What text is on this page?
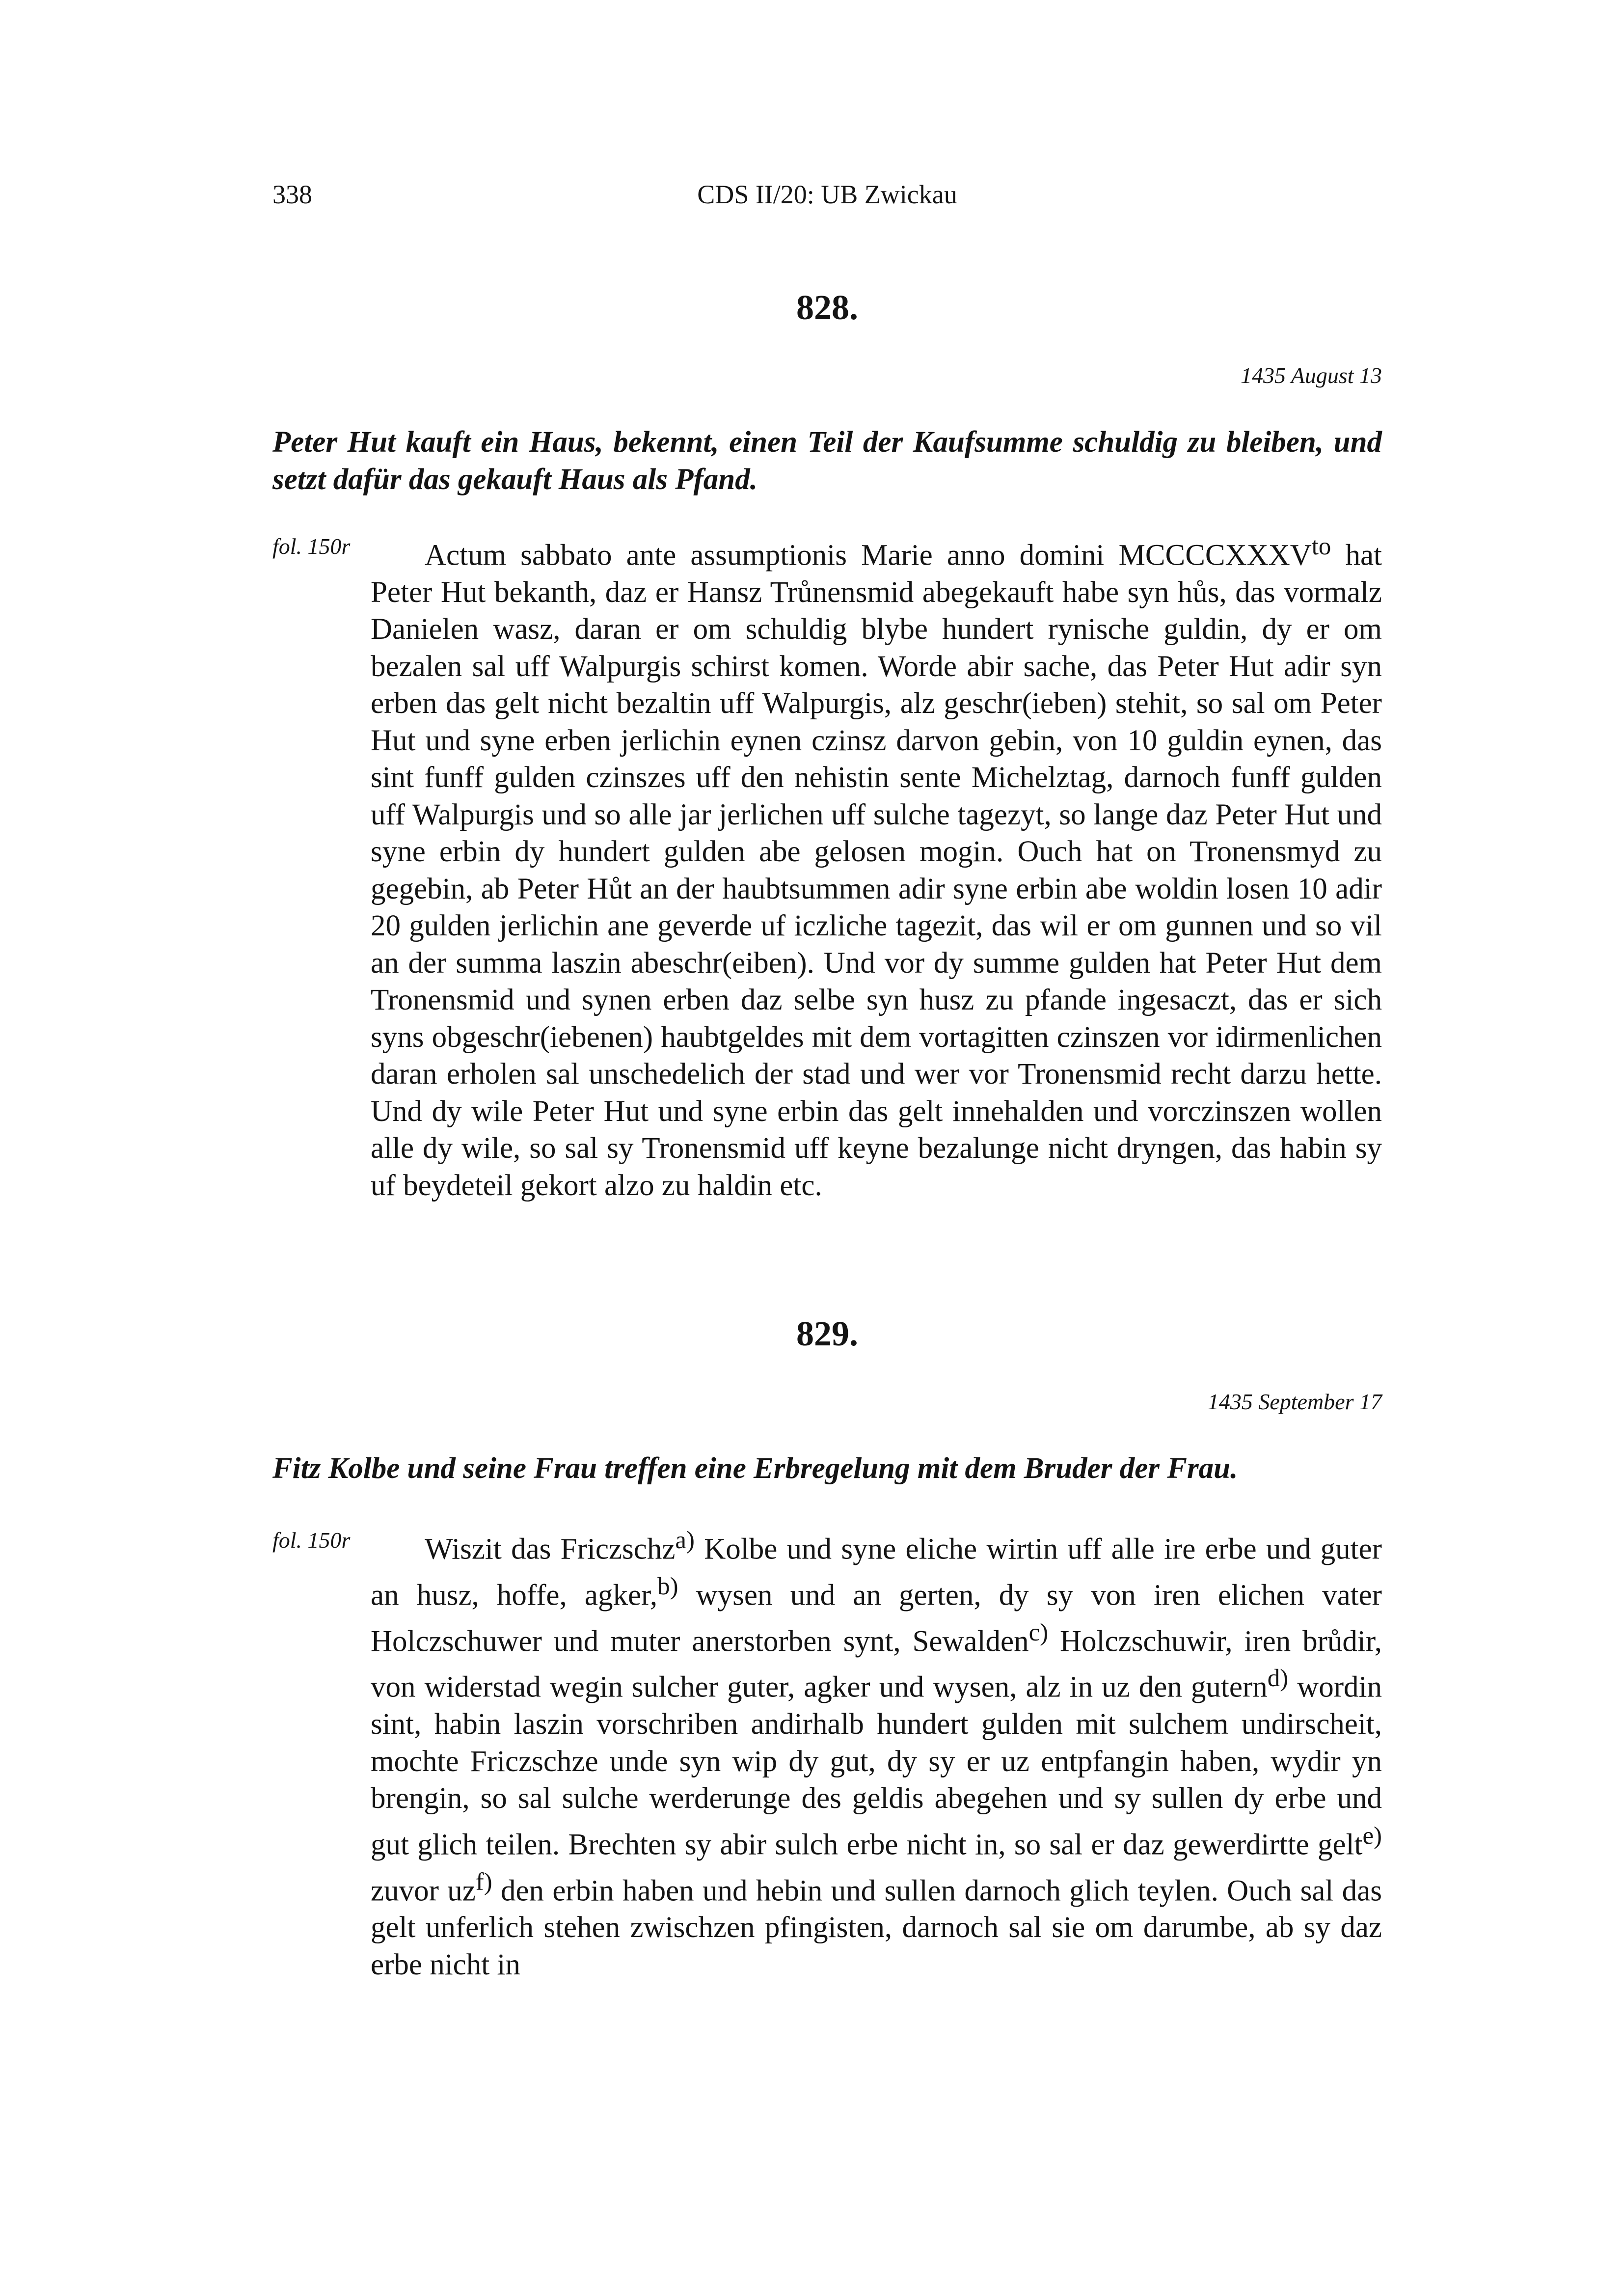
338	CDS II/20: UB Zwickau
828.
1435 August 13
Peter Hut kauft ein Haus, bekennt, einen Teil der Kaufsumme schuldig zu bleiben, und setzt dafür das gekauft Haus als Pfand.
fol. 150r	Actum sabbato ante assumptionis Marie anno domini $MCCCCXXXV^{to}$ hat Peter Hut bekanth, daz er Hansz Trůnensmid abegekauft habe syn hůs, das vormalz Danielen wasz, daran er om schuldig blybe hundert rynische guldin, dy er om bezalen sal uff Walpurgis schirst komen. Worde abir sache, das Peter Hut adir syn erben das gelt nicht bezaltin uff Walpurgis, alz geschr(ieben) stehit, so sal om Peter Hut und syne erben jerlichin eynen czinsz darvon gebin, von 10 guldin eynen, das sint funff gulden czinszes uff den nehistin sente Michelztag, darnoch funff gulden uff Walpurgis und so alle jar jerlichen uff sulche tagezyt, so lange daz Peter Hut und syne erbin dy hundert gulden abe gelosen mogin. Ouch hat on Tronensmyd zu gegebin, ab Peter Hůt an der haubtsummen adir syne erbin abe woldin losen 10 adir 20 gulden jerlichin ane geverde uf iczliche tagezit, das wil er om gunnen und so vil an der summa laszin abeschr(eiben). Und vor dy summe gulden hat Peter Hut dem Tronensmid und synen erben daz selbe syn husz zu pfande ingesaczt, das er sich syns obgeschr(iebenen) haubtgeldes mit dem vortagitten czinszen vor idirmenlichen daran erholen sal unschedelich der stad und wer vor Tronensmid recht darzu hette. Und dy wile Peter Hut und syne erbin das gelt innehalden und vorczinszen wollen alle dy wile, so sal sy Tronensmid uff keyne bezalunge nicht dryngen, das habin sy uf beydeteil gekort alzo zu haldin etc.
829.
1435 September 17
Fitz Kolbe und seine Frau treffen eine Erbregelung mit dem Bruder der Frau.
fol. 150r	Wiszit das Friczschz$^{a)}$ Kolbe und syne eliche wirtin uff alle ire erbe und guter an husz, hoffe, agker,$^{b)}$ wysen und an gerten, dy sy von iren elichen vater Holczschuwer und muter anerstorben synt, Sewalden$^{c)}$ Holczschuwir, iren brůdir, von widerstad wegin sulcher guter, agker und wysen, alz in uz den gutern$^{d)}$ wordin sint, habin laszin vorschriben andirhalb hundert gulden mit sulchem undirscheit, mochte Friczschze unde syn wip dy gut, dy sy er uz entpfangin haben, wydir yn brengin, so sal sulche werderunge des geldis abegehen und sy sullen dy erbe und gut glich teilen. Brechten sy abir sulch erbe nicht in, so sal er daz gewerdirtte gelt$^{e)}$ zuvor $uz^{f)}$ den erbin haben und hebin und sullen darnoch glich teylen. Ouch sal das gelt unferlich stehen zwischzen pfingisten, darnoch sal sie om darumbe, ab sy daz erbe nicht in
